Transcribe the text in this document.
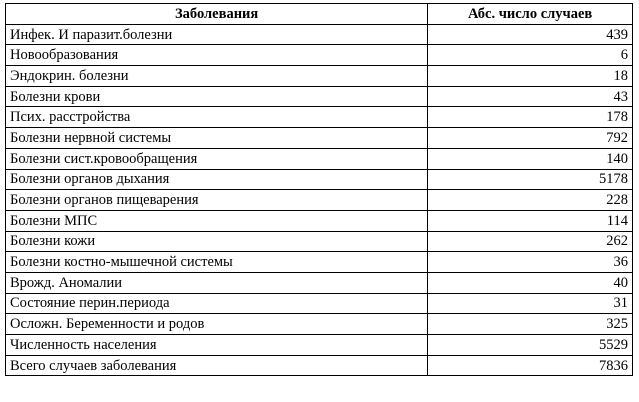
Заболевания	Абс. число случаев
Инфек. И паразит.болезни	439
Новообразования	6
Эндокрин. болезни	18
Болезни крови	43
Псих. расстройства	178
Болезни нервной системы	792
Болезни сист.кровообращения	140
Болезни органов дыхания	5178
Болезни органов пищеварения	228
Болезни МПС	114
Болезни кожи	262
Болезни костно-мышечной системы	36
Врожд. Аномалии	40
Состояние перин.периода	31
Осложн. Беременности и родов	325
Численность населения	5529
Всего случаев заболевания	7836
